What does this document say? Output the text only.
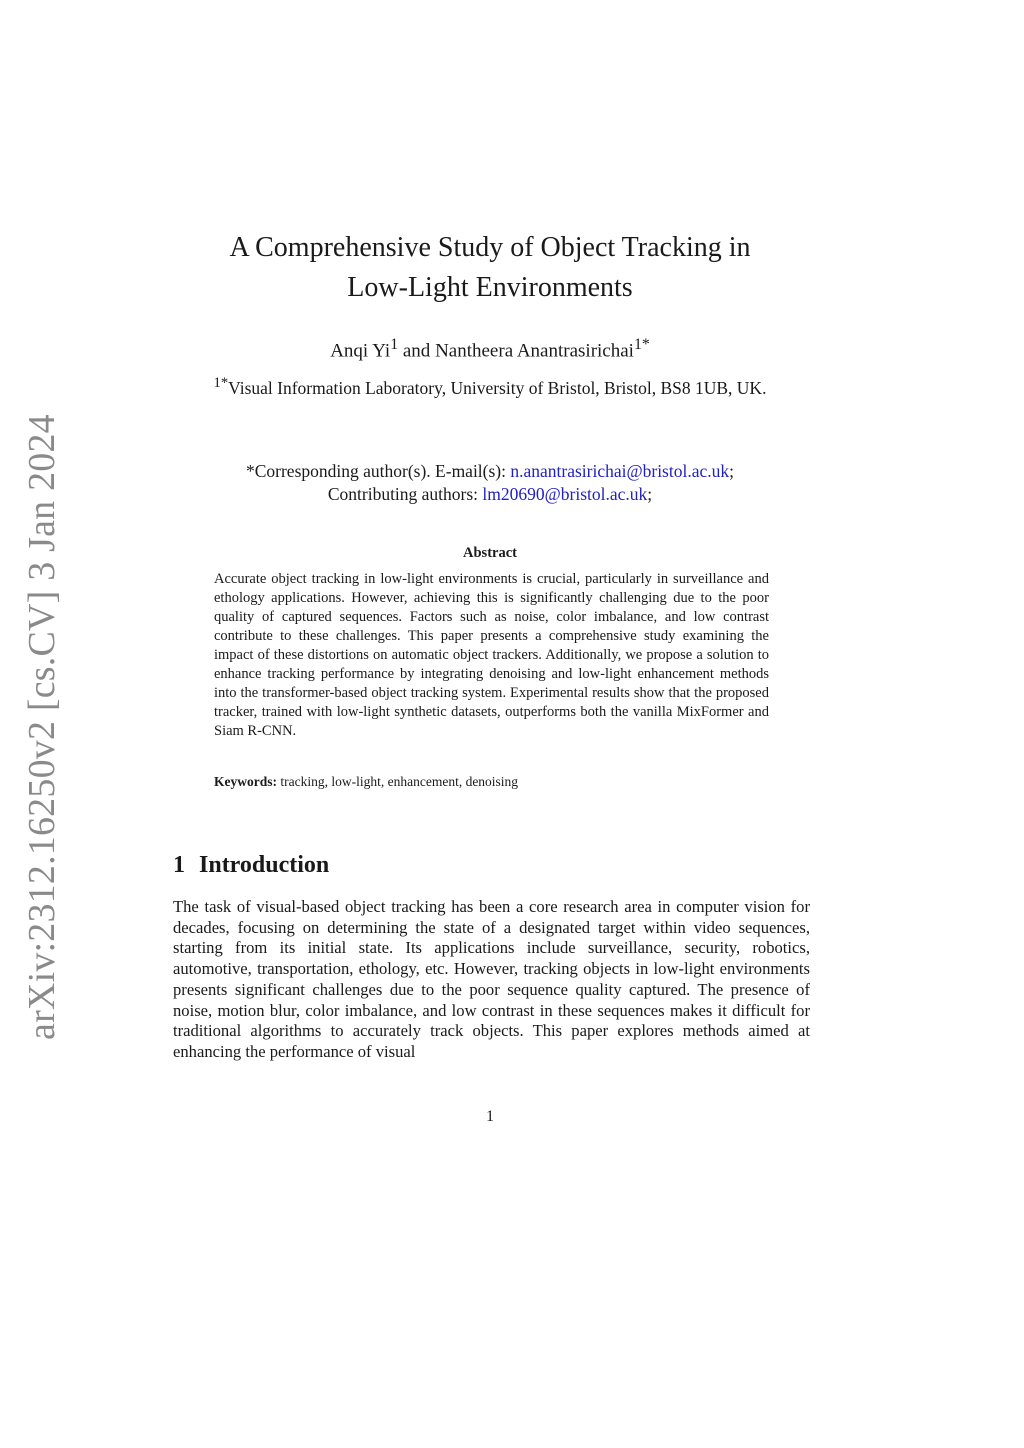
arXiv:2312.16250v2 [cs.CV] 3 Jan 2024
A Comprehensive Study of Object Tracking in
Low-Light Environments
Anqi Yi$^1$ and Nantheera Anantrasirichai$^{1*}$
$^{1*}$Visual Information Laboratory, University of Bristol, Bristol, BS8 1UB, UK.
*Corresponding author(s). E-mail(s): n.anantrasirichai@bristol.ac.uk;
Contributing authors: lm20690@bristol.ac.uk;
Abstract
Accurate object tracking in low-light environments is crucial, particularly in surveillance and ethology applications. However, achieving this is significantly challenging due to the poor quality of captured sequences. Factors such as noise, color imbalance, and low contrast contribute to these challenges. This paper presents a comprehensive study examining the impact of these distortions on automatic object trackers. Additionally, we propose a solution to enhance tracking performance by integrating denoising and low-light enhancement methods into the transformer-based object tracking system. Experimental results show that the proposed tracker, trained with low-light synthetic datasets, outperforms both the vanilla MixFormer and Siam R-CNN.
Keywords: tracking, low-light, enhancement, denoising
1 Introduction
The task of visual-based object tracking has been a core research area in computer vision for decades, focusing on determining the state of a designated target within video sequences, starting from its initial state. Its applications include surveillance, security, robotics, automotive, transportation, ethology, etc. However, tracking objects in low-light environments presents significant challenges due to the poor sequence quality captured. The presence of noise, motion blur, color imbalance, and low contrast in these sequences makes it difficult for traditional algorithms to accurately track objects. This paper explores methods aimed at enhancing the performance of visual
1
